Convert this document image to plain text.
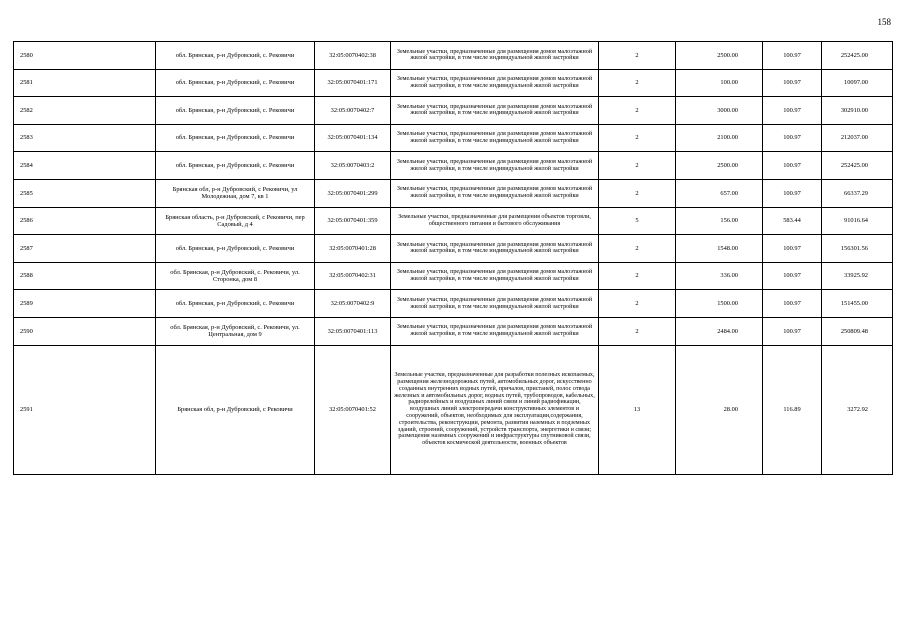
158
2580	обл. Брянская, р-н Дубровский, с. Рековичи	32:05:0070402:38	Земельные участки, предназначенные для размещения домов малоэтажной жилой застройки, в том числе индивидуальной жилой застройки	2	2500.00	100.97	252425.00
2581	обл. Брянская, р-н Дубровский, с. Рековичи	32:05:0070401:171	Земельные участки, предназначенные для размещения домов малоэтажной жилой застройки, в том числе индивидуальной жилой застройки	2	100.00	100.97	10097.00
2582	обл. Брянская, р-н Дубровский, с. Рековичи	32:05:0070402:7	Земельные участки, предназначенные для размещения домов малоэтажной жилой застройки, в том числе индивидуальной жилой застройки	2	3000.00	100.97	302910.00
2583	обл. Брянская, р-н Дубровский, с. Рековичи	32:05:0070401:134	Земельные участки, предназначенные для размещения домов малоэтажной жилой застройки, в том числе индивидуальной жилой застройки	2	2100.00	100.97	212037.00
2584	обл. Брянская, р-н Дубровский, с. Рековичи	32:05:0070403:2	Земельные участки, предназначенные для размещения домов малоэтажной жилой застройки, в том числе индивидуальной жилой застройки	2	2500.00	100.97	252425.00
2585	Брянская обл, р-н Дубровский, с Рековичи, ул Молодежная, дом 7, кв 1	32:05:0070401:299	Земельные участки, предназначенные для размещения домов малоэтажной жилой застройки, в том числе индивидуальной жилой застройки	2	657.00	100.97	66337.29
2586	Брянская область, р-н Дубровский, с Рековичи, пер Садовый, д 4	32:05:0070401:359	Земельные участки, предназначенные для размещения объектов торговли, общественного питания и бытового обслуживания	5	156.00	583.44	91016.64
2587	обл. Брянская, р-н Дубровский, с. Рековичи	32:05:0070401:28	Земельные участки, предназначенные для размещения домов малоэтажной жилой застройки, в том числе индивидуальной жилой застройки	2	1548.00	100.97	156301.56
2588	обл. Брянская, р-н Дубровский, с. Рековичи, ул. Сторонка, дом 8	32:05:0070402:31	Земельные участки, предназначенные для размещения домов малоэтажной жилой застройки, в том числе индивидуальной жилой застройки	2	336.00	100.97	33925.92
2589	обл. Брянская, р-н Дубровский, с. Рековичи	32:05:0070402:9	Земельные участки, предназначенные для размещения домов малоэтажной жилой застройки, в том числе индивидуальной жилой застройки	2	1500.00	100.97	151455.00
2590	обл. Брянская, р-н Дубровский, с. Рековичи, ул. Центральная, дом 9	32:05:0070401:113	Земельные участки, предназначенные для размещения домов малоэтажной жилой застройки, в том числе индивидуальной жилой застройки	2	2484.00	100.97	250809.48
2591	Брянская обл, р-н Дубровский, с Рековичи	32:05:0070401:52	Земельные участки, предназначенные для разработки полезных ископаемых, размещения железнодорожных путей, автомобильных дорог, искусственно созданных внутренних водных путей, причалов, пристаней, полос отвода железных и автомобильных дорог, водных путей, трубопроводов, кабельных, радиорелейных и воздушных линий связи и линий радиофикации, воздушных линий электропередачи конструктивных элементов и сооружений, объектов, необходимых для эксплуатации,содержания, строительства, реконструкции, ремонта, развития наземных и подземных зданий, строений, сооружений, устройств транспорта, энергетики и связи; размещения наземных сооружений и инфраструктуры спутниковой связи, объектов космической деятельности, военных объектов	13	28.00	116.89	3272.92
